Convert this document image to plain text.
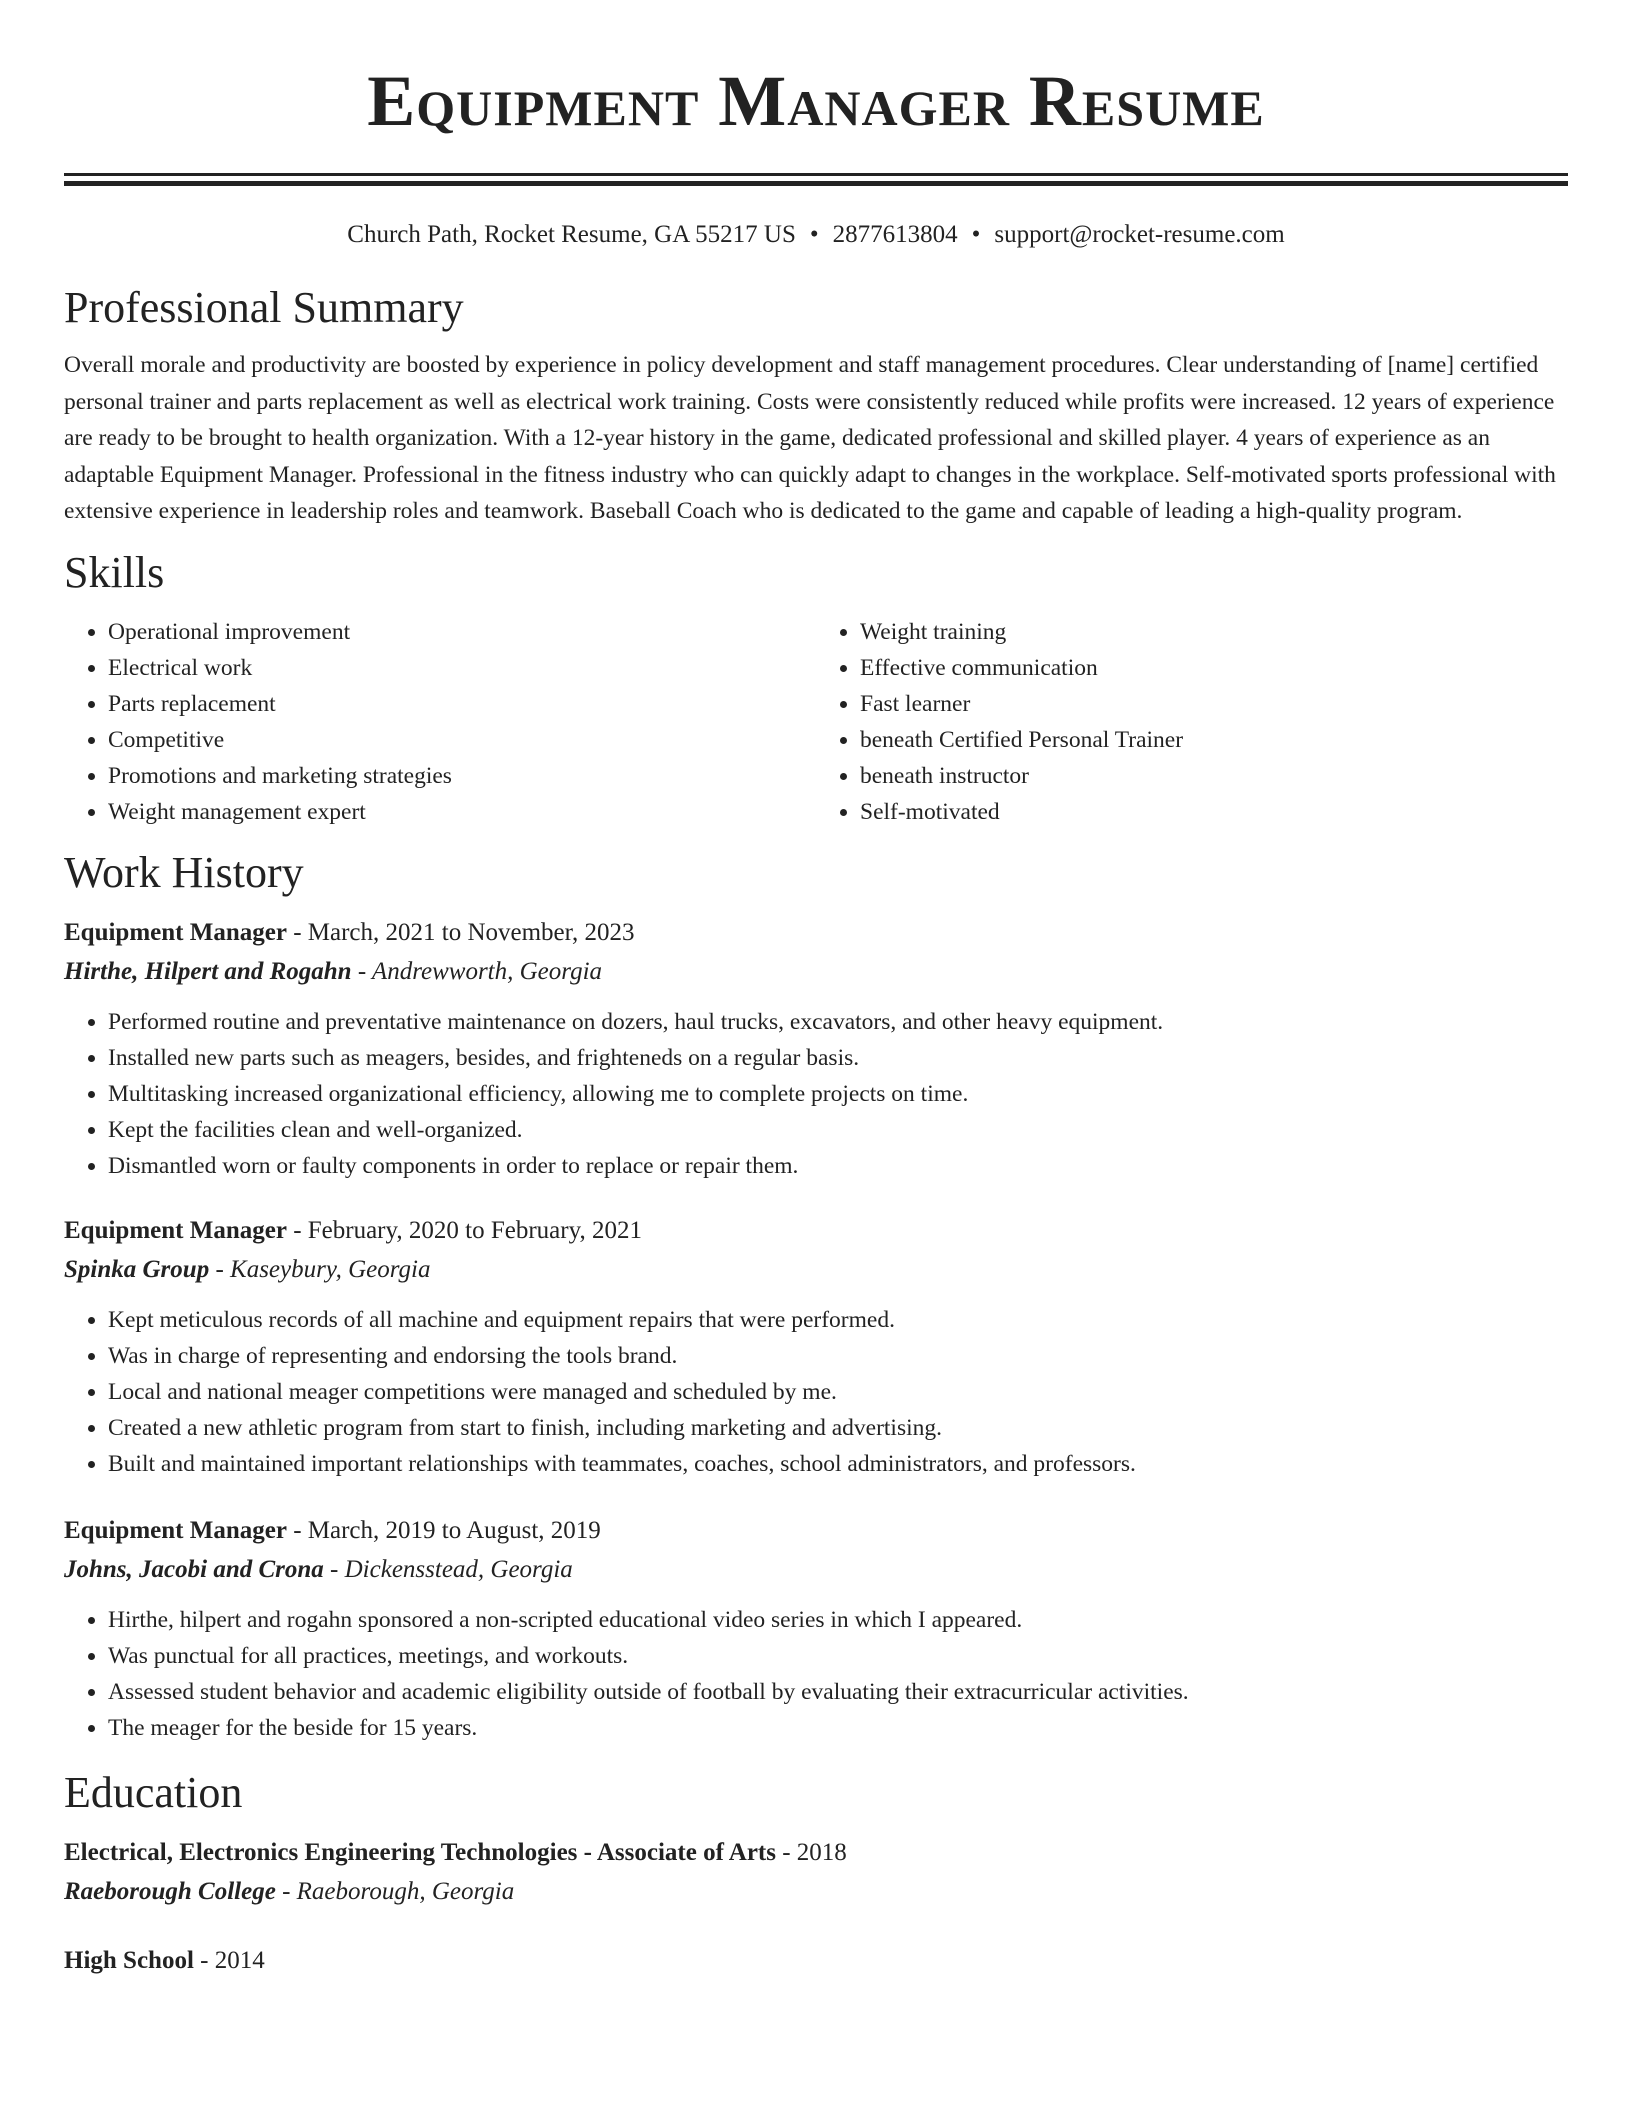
Equipment Manager Resume
Church Path, Rocket Resume, GA 55217 US • 2877613804 • support@rocket-resume.com
Professional Summary

Overall morale and productivity are boosted by experience in policy development and staff management procedures. Clear understanding of [name] certified personal trainer and parts replacement as well as electrical work training. Costs were consistently reduced while profits were increased. 12 years of experience are ready to be brought to health organization. With a 12-year history in the game, dedicated professional and skilled player. 4 years of experience as an adaptable Equipment Manager. Professional in the fitness industry who can quickly adapt to changes in the workplace. Self-motivated sports professional with extensive experience in leadership roles and teamwork. Baseball Coach who is dedicated to the game and capable of leading a high-quality program.

Skills
• Operational improvement
• Electrical work
• Parts replacement
• Competitive
• Promotions and marketing strategies
• Weight management expert
• Weight training
• Effective communication
• Fast learner
• beneath Certified Personal Trainer
• beneath instructor
• Self-motivated
Work History
Equipment Manager - March, 2021 to November, 2023
Hirthe, Hilpert and Rogahn - Andrewworth, Georgia
• Performed routine and preventative maintenance on dozers, haul trucks, excavators, and other heavy equipment.
• Installed new parts such as meagers, besides, and frighteneds on a regular basis.
• Multitasking increased organizational efficiency, allowing me to complete projects on time.
• Kept the facilities clean and well-organized.
• Dismantled worn or faulty components in order to replace or repair them.
Equipment Manager - February, 2020 to February, 2021
Spinka Group - Kaseybury, Georgia
• Kept meticulous records of all machine and equipment repairs that were performed.
• Was in charge of representing and endorsing the tools brand.
• Local and national meager competitions were managed and scheduled by me.
• Created a new athletic program from start to finish, including marketing and advertising.
• Built and maintained important relationships with teammates, coaches, school administrators, and professors.
Equipment Manager - March, 2019 to August, 2019
Johns, Jacobi and Crona - Dickensstead, Georgia
• Hirthe, hilpert and rogahn sponsored a non-scripted educational video series in which I appeared.
• Was punctual for all practices, meetings, and workouts.
• Assessed student behavior and academic eligibility outside of football by evaluating their extracurricular activities.
• The meager for the beside for 15 years.
Education
Electrical, Electronics Engineering Technologies - Associate of Arts - 2018
Raeborough College - Raeborough, Georgia
High School - 2014
